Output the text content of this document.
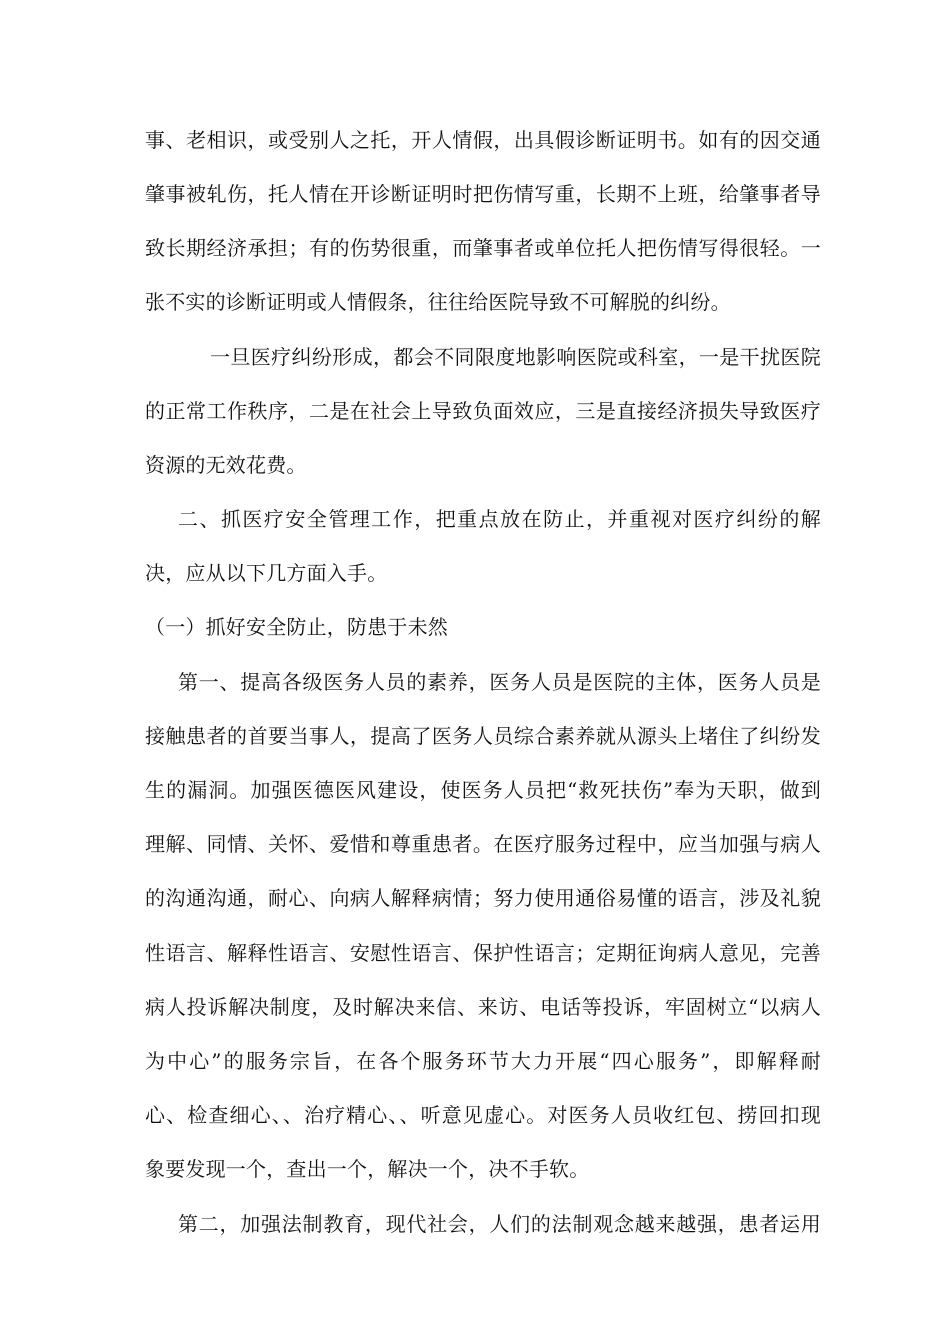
事、老相识，或受别人之托，开人情假，出具假诊断证明书。如有的因交通
肇事被轧伤，托人情在开诊断证明时把伤情写重，长期不上班，给肇事者导
致长期经济承担；有的伤势很重，而肇事者或单位托人把伤情写得很轻。一
张不实的诊断证明或人情假条，往往给医院导致不可解脱的纠纷。
一旦医疗纠纷形成，都会不同限度地影响医院或科室，一是干扰医院
的正常工作秩序，二是在社会上导致负面效应，三是直接经济损失导致医疗
资源的无效花费。
二、抓医疗安全管理工作，把重点放在防止，并重视对医疗纠纷的解
决，应从以下几方面入手。
（一）抓好安全防止，防患于未然
第一、提高各级医务人员的素养，医务人员是医院的主体，医务人员是
接触患者的首要当事人，提高了医务人员综合素养就从源头上堵住了纠纷发
生的漏洞。加强医德医风建设，使医务人员把“救死扶伤”奉为天职，做到
理解、同情、关怀、爱惜和尊重患者。在医疗服务过程中，应当加强与病人
的沟通沟通，耐心、向病人解释病情；努力使用通俗易懂的语言，涉及礼貌
性语言、解释性语言、安慰性语言、保护性语言；定期征询病人意见，完善
病人投诉解决制度，及时解决来信、来访、电话等投诉，牢固树立“以病人
为中心”的服务宗旨，在各个服务环节大力开展“四心服务”，即解释耐
心、检查细心、、治疗精心、、听意见虚心。对医务人员收红包、捞回扣现
象要发现一个，查出一个，解决一个，决不手软。
第二，加强法制教育，现代社会，人们的法制观念越来越强，患者运用
